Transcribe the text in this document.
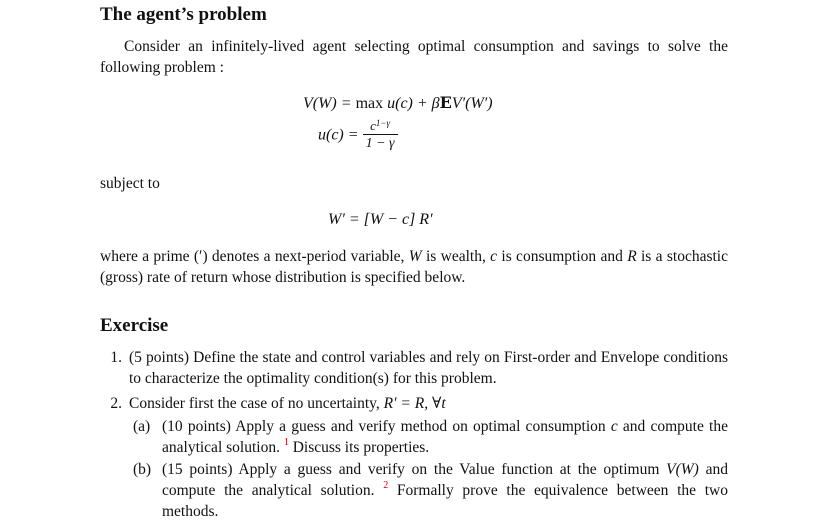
The agent’s problem

Consider an infinitely-lived agent selecting optimal consumption and savings to solve the following problem :

V(W) = max u(c) + βEV′(W′)
$u(c) = \frac{c^{1-\gamma}}{1 - \gamma}$
subject to
W′ = [W − c] R′

where a prime (′) denotes a next-period variable, W is wealth, c is consumption and R is a stochastic (gross) rate of return whose distribution is specified below.

Exercise
1. (5 points) Define the state and control variables and rely on First-order and Envelope conditions to characterize the optimality condition(s) for this problem.
2. Consider first the case of no uncertainty, R′ = R, ∀t
(a) (10 points) Apply a guess and verify method on optimal consumption c and compute the analytical solution. $^1$ Discuss its properties.
(b) (15 points) Apply a guess and verify on the Value function at the optimum V(W) and compute the analytical solution. $^2$ Formally prove the equivalence between the two methods.
